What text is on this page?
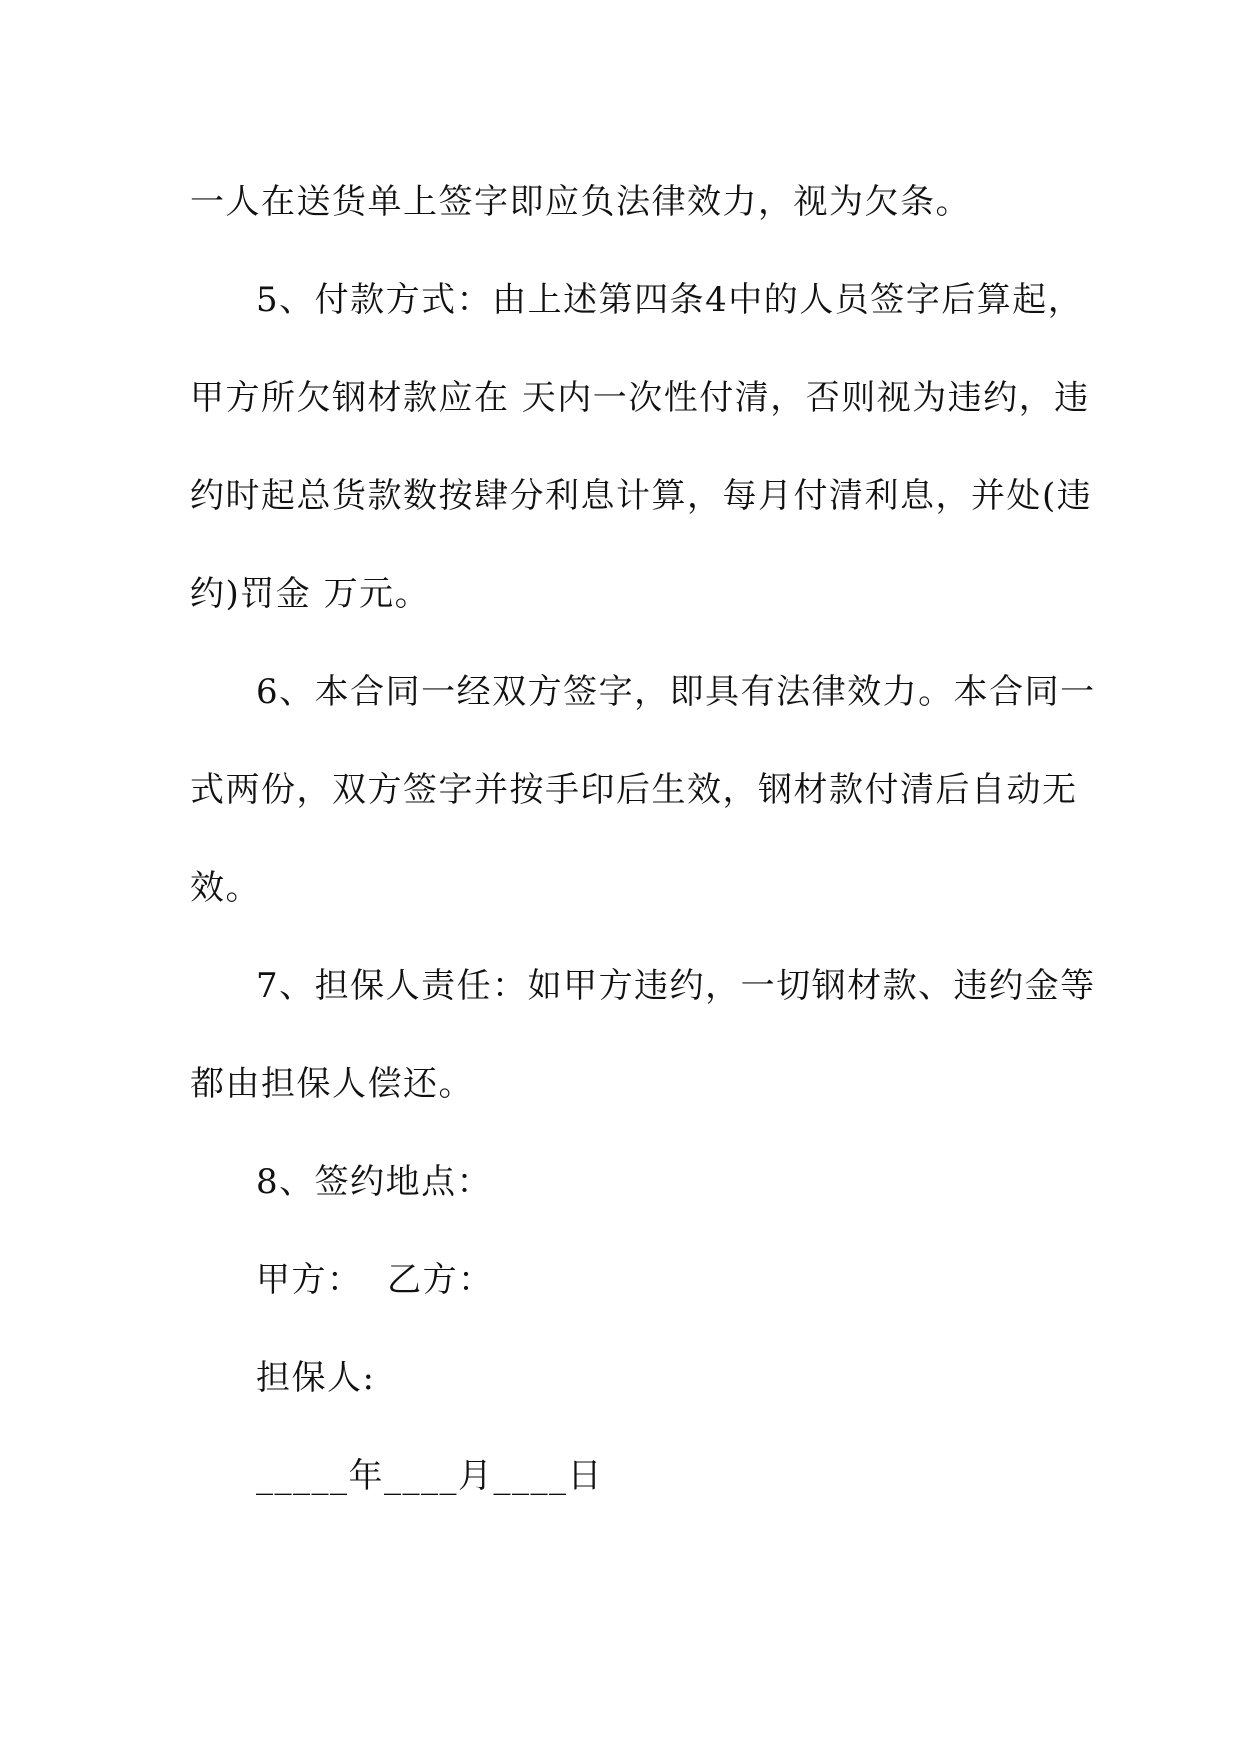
一人在送货单上签字即应负法律效力，视为欠条。
5、付款方式：由上述第四条4中的人员签字后算起，
甲方所欠钢材款应在 天内一次性付清，否则视为违约，违
约时起总货款数按肆分利息计算，每月付清利息，并处(违
约)罚金 万元。
6、本合同一经双方签字，即具有法律效力。本合同一
式两份，双方签字并按手印后生效，钢材款付清后自动无
效。
7、担保人责任：如甲方违约，一切钢材款、违约金等
都由担保人偿还。
8、签约地点：
甲方：  乙方：
担保人:
_____年____月____日
